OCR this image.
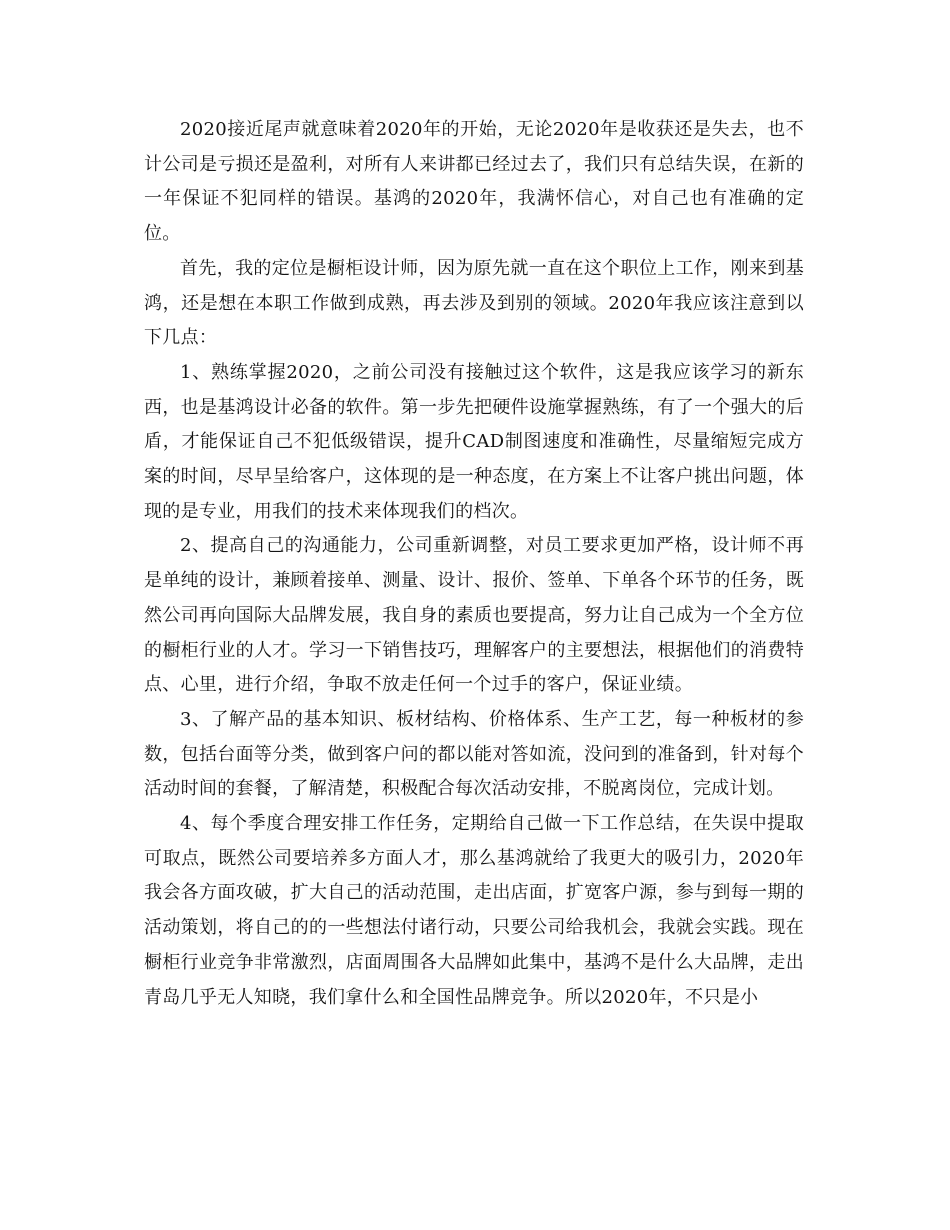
2020接近尾声就意味着2020年的开始，无论2020年是收获还是失去，也不计公司是亏损还是盈利，对所有人来讲都已经过去了，我们只有总结失误，在新的一年保证不犯同样的错误。基鸿的2020年，我满怀信心，对自己也有准确的定位。

首先，我的定位是橱柜设计师，因为原先就一直在这个职位上工作，刚来到基鸿，还是想在本职工作做到成熟，再去涉及到别的领域。2020年我应该注意到以下几点：

1、熟练掌握2020，之前公司没有接触过这个软件，这是我应该学习的新东西，也是基鸿设计必备的软件。第一步先把硬件设施掌握熟练，有了一个强大的后盾，才能保证自己不犯低级错误，提升CAD制图速度和准确性，尽量缩短完成方案的时间，尽早呈给客户，这体现的是一种态度，在方案上不让客户挑出问题，体现的是专业，用我们的技术来体现我们的档次。

2、提高自己的沟通能力，公司重新调整，对员工要求更加严格，设计师不再是单纯的设计，兼顾着接单、测量、设计、报价、签单、下单各个环节的任务，既然公司再向国际大品牌发展，我自身的素质也要提高，努力让自己成为一个全方位的橱柜行业的人才。学习一下销售技巧，理解客户的主要想法，根据他们的消费特点、心里，进行介绍，争取不放走任何一个过手的客户，保证业绩。

3、了解产品的基本知识、板材结构、价格体系、生产工艺，每一种板材的参数，包括台面等分类，做到客户问的都以能对答如流，没问到的准备到，针对每个活动时间的套餐，了解清楚，积极配合每次活动安排，不脱离岗位，完成计划。

4、每个季度合理安排工作任务，定期给自己做一下工作总结，在失误中提取可取点，既然公司要培养多方面人才，那么基鸿就给了我更大的吸引力，2020年我会各方面攻破，扩大自己的活动范围，走出店面，扩宽客户源，参与到每一期的活动策划，将自己的的一些想法付诸行动，只要公司给我机会，我就会实践。现在橱柜行业竞争非常激烈，店面周围各大品牌如此集中，基鸿不是什么大品牌，走出青岛几乎无人知晓，我们拿什么和全国性品牌竞争。所以2020年，不只是小
